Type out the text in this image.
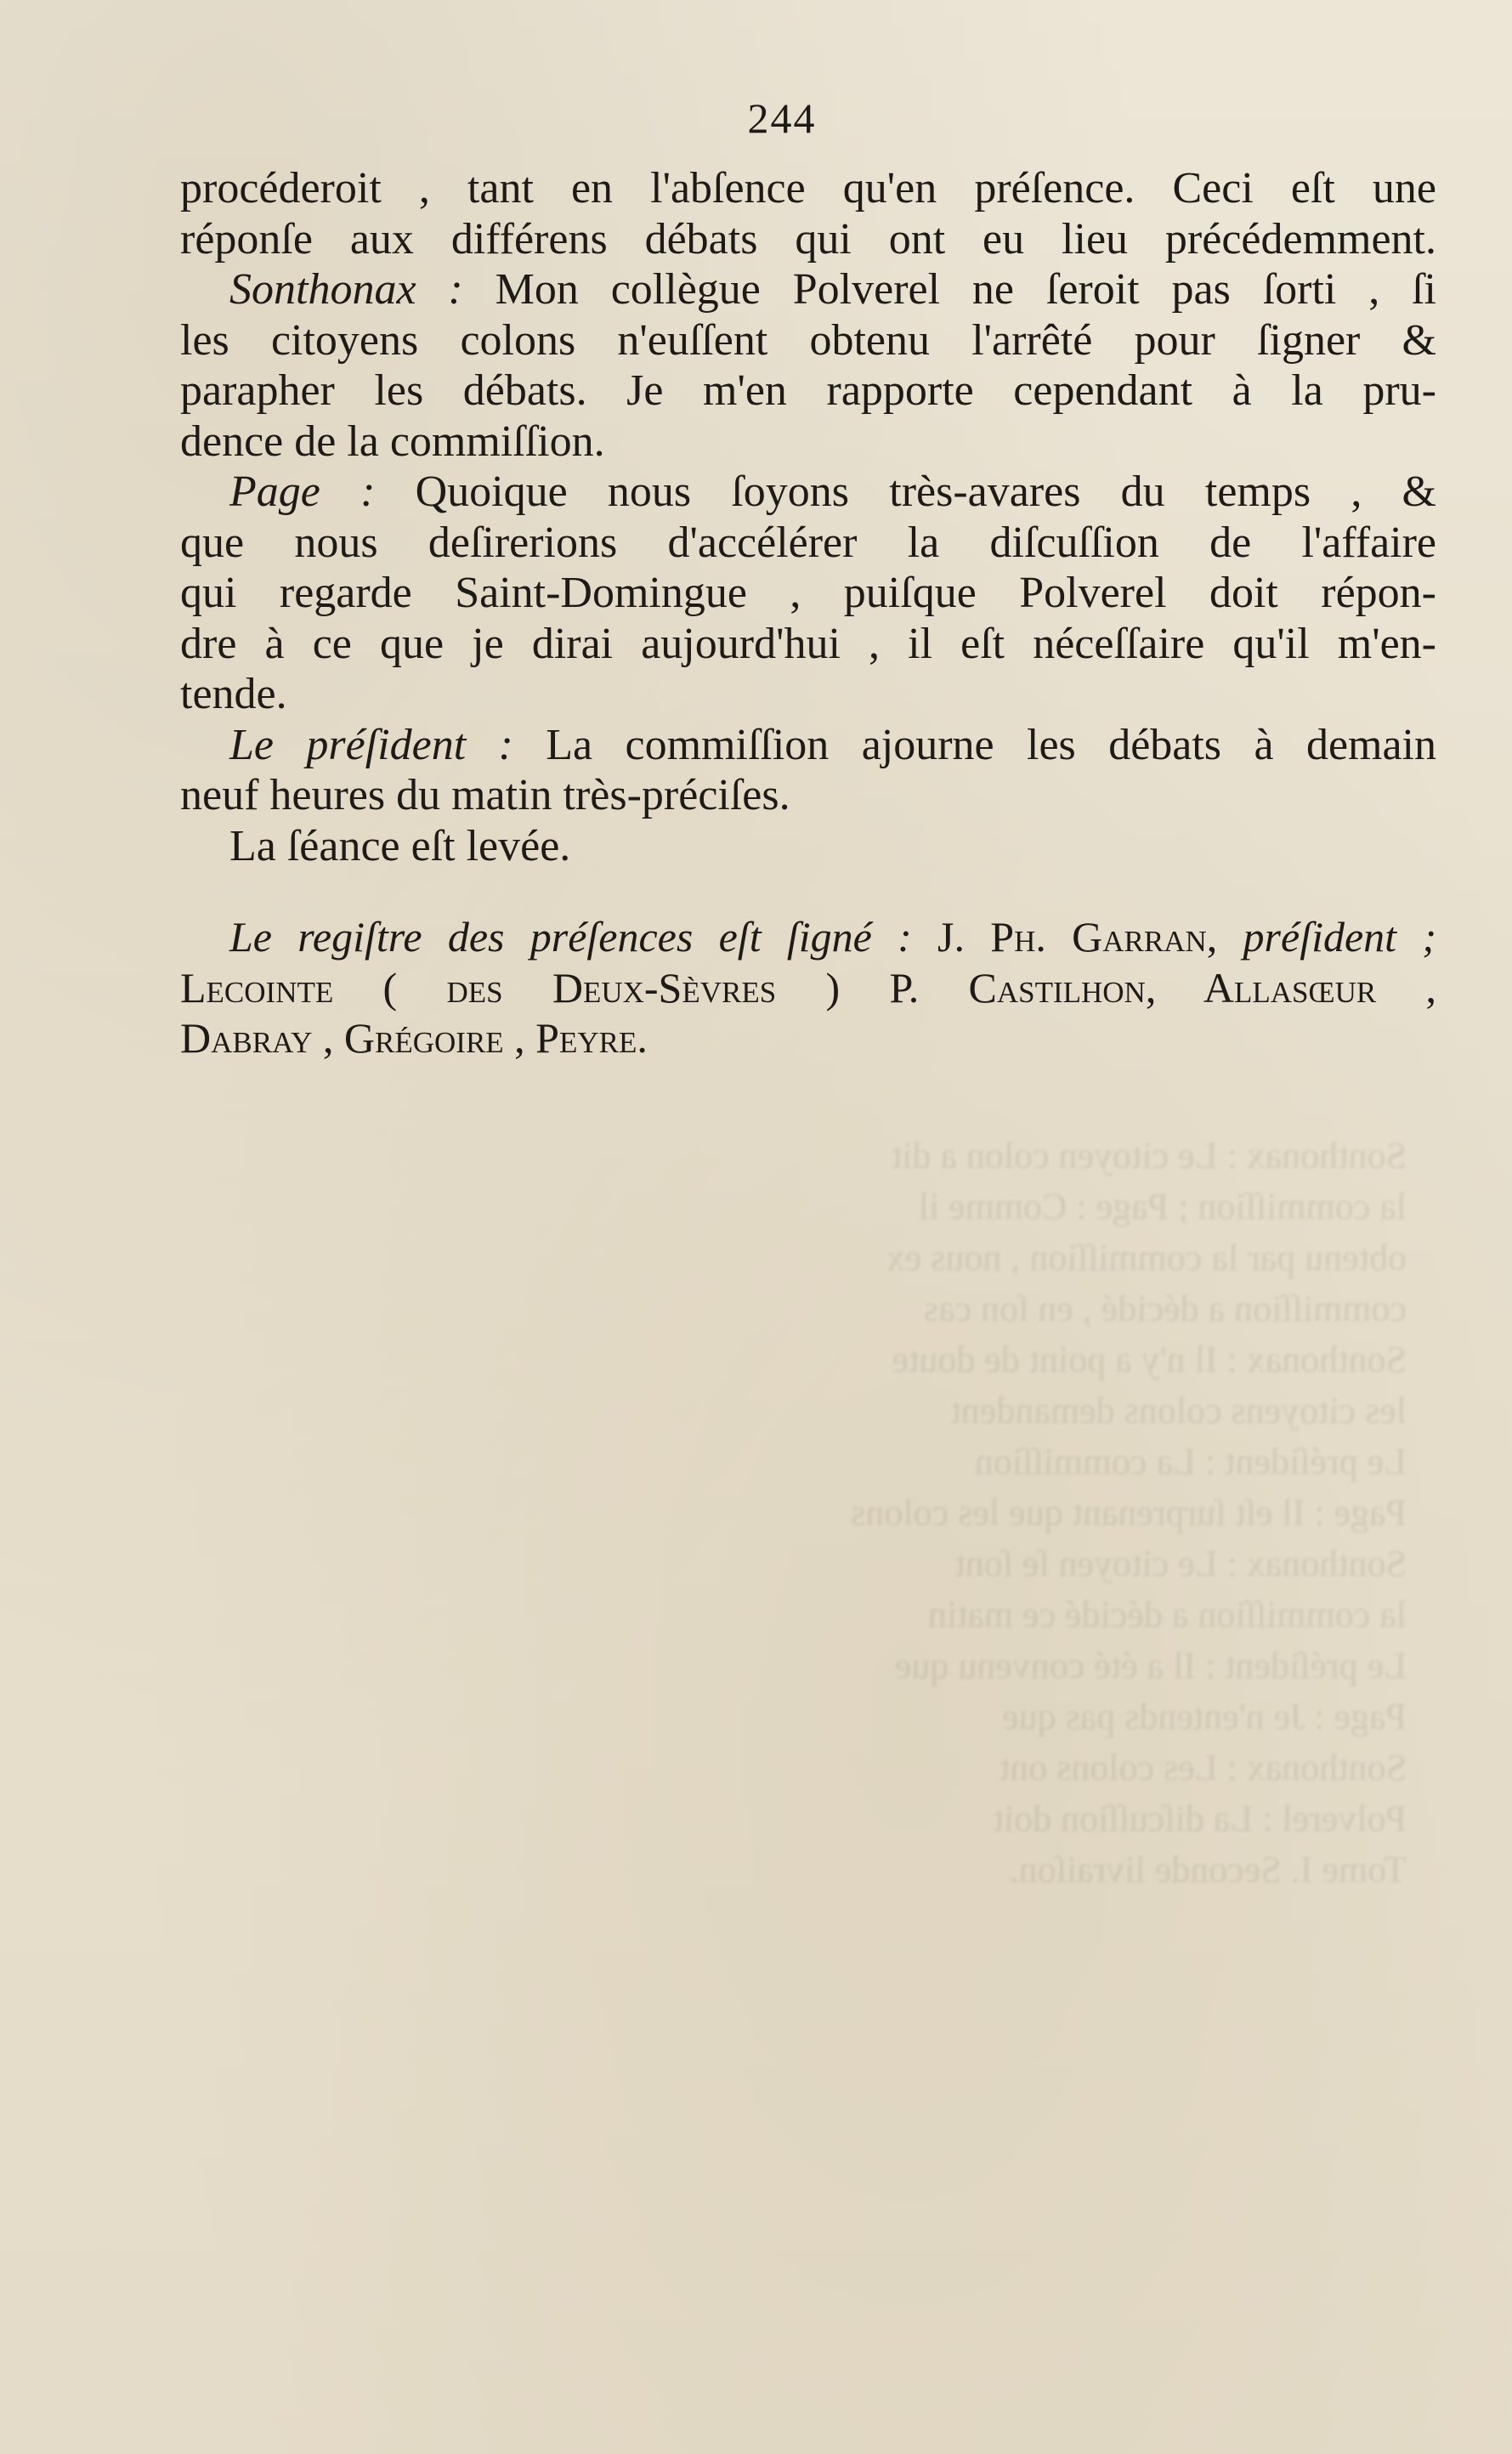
Sonthonax : Le citoyen colon a dit
la commiſſion ; Page : Comme il
obtenu par la commiſſion , nous ex
commiſſion a décidé , en ſon cas
Sonthonax : Il n'y a point de doute
les citoyens colons demandent
Le préſident : La commiſſion
Page : Il eſt ſurprenant que les colons
Sonthonax : Le citoyen ſe ſont
la commiſſion a décidé ce matin
Le préſident : Il a été convenu que
Page : Je n'entends pas que
Sonthonax : Les colons ont
Polverel : La diſcuſſion doit
Tome I. Seconde livraiſon.
244
procéderoit , tant en l'abſence qu'en préſence. Ceci eſt une
réponſe aux différens débats qui ont eu lieu précédemment.
Sonthonax : Mon collègue Polverel ne ſeroit pas ſorti , ſi
les citoyens colons n'euſſent obtenu l'arrêté pour ſigner &
parapher les débats. Je m'en rapporte cependant à la pru-
dence de la commiſſion.
Page : Quoique nous ſoyons très-avares du temps , &
que nous deſirerions d'accélérer la diſcuſſion de l'affaire
qui regarde Saint-Domingue , puiſque Polverel doit répon-
dre à ce que je dirai aujourd'hui , il eſt néceſſaire qu'il m'en-
tende.
Le préſident : La commiſſion ajourne les débats à demain
neuf heures du matin très-préciſes.
La ſéance eſt levée.
Le regiſtre des préſences eſt ſigné : J. Ph. Garran, préſident ;
Lecointe ( des Deux-Sèvres ) P. Castilhon, Allasœur ,
Dabray , Grégoire , Peyre.
